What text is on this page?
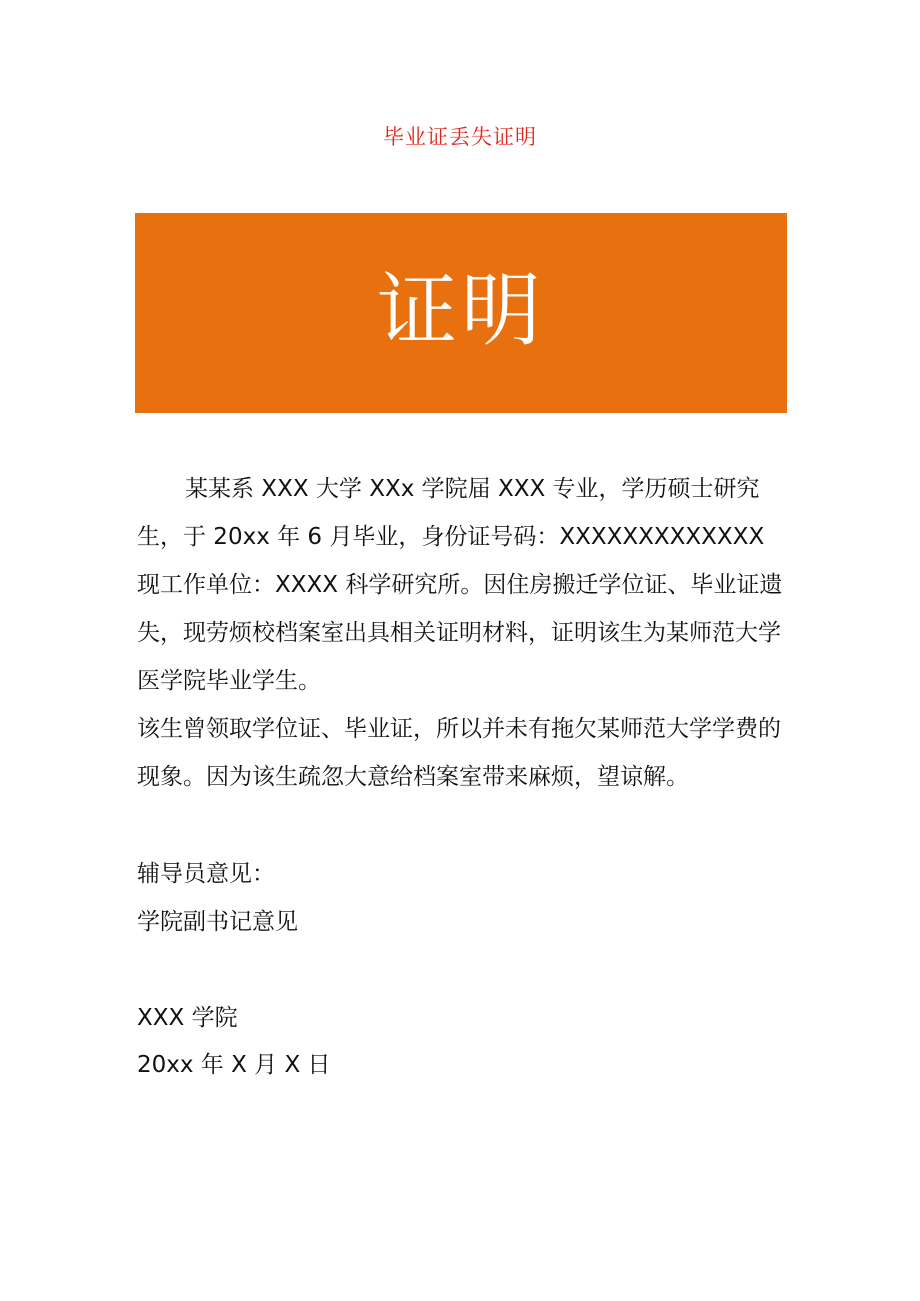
毕业证丢失证明
证明

某某系 XXX 大学 XXx 学院届 XXX 专业，学历硕士研究生，于 20xx 年 6 月毕业，身份证号码：XXXXXXXXXXXXX 现工作单位：XXXX 科学研究所。因住房搬迁学位证、毕业证遗失，现劳烦校档案室出具相关证明材料，证明该生为某师范大学医学院毕业学生。

该生曾领取学位证、毕业证，所以并未有拖欠某师范大学学费的现象。因为该生疏忽大意给档案室带来麻烦，望谅解。

辅导员意见：
学院副书记意见
XXX 学院
20xx 年 X 月 X 日
